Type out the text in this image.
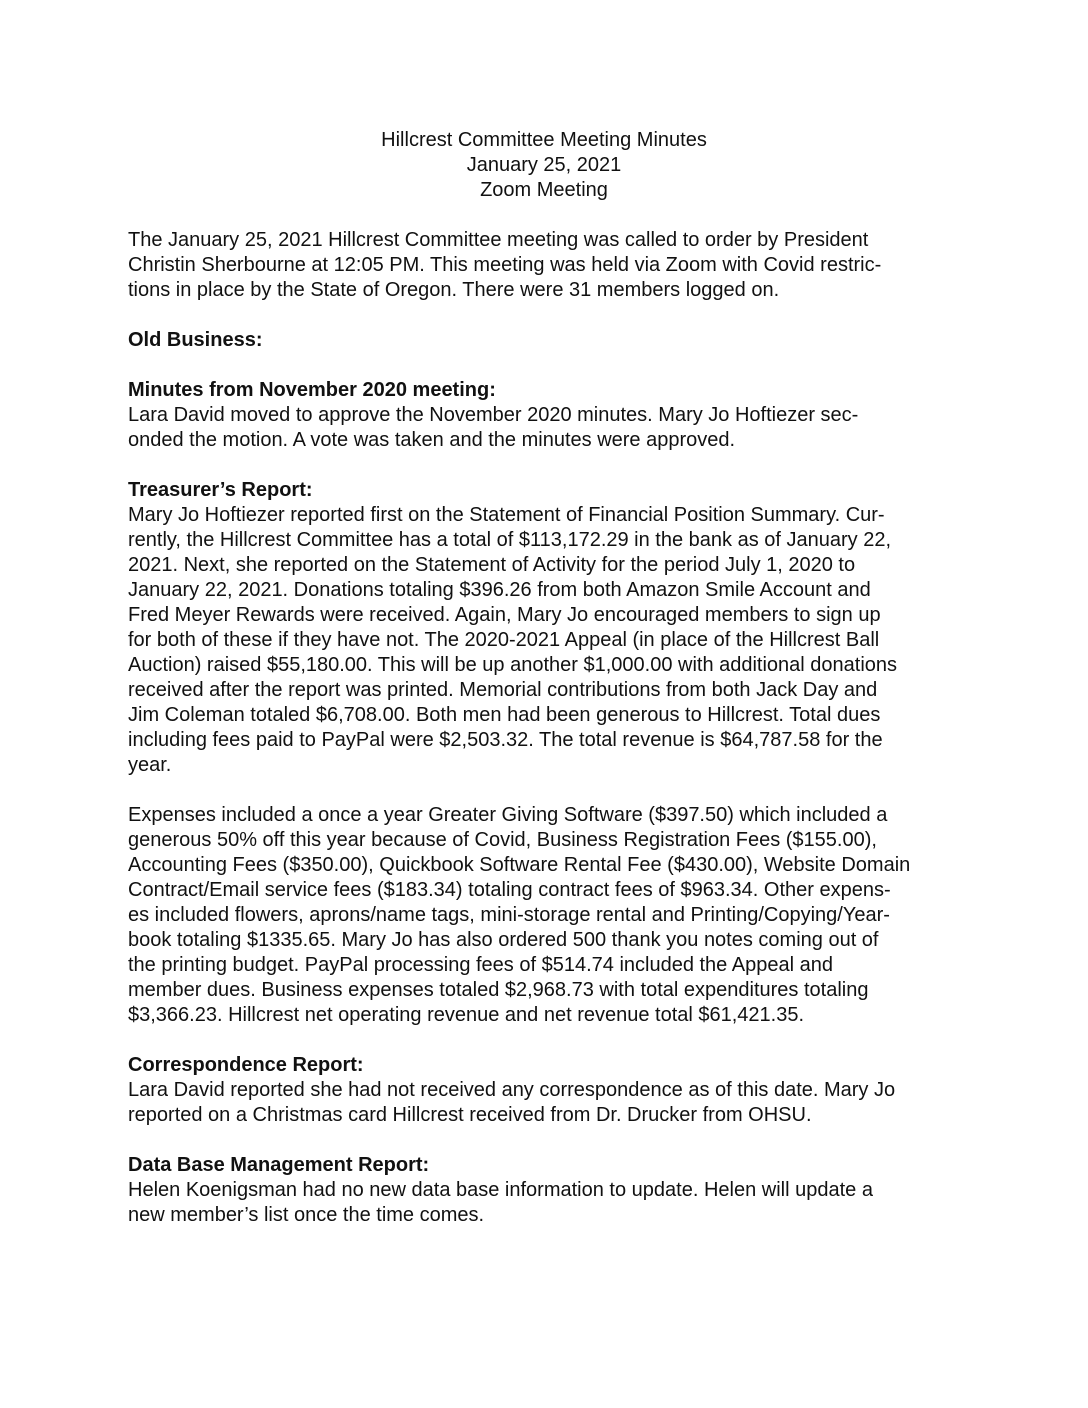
Hillcrest Committee Meeting Minutes
January 25, 2021
Zoom Meeting
The January 25, 2021 Hillcrest Committee meeting was called to order by President
Christin Sherbourne at 12:05 PM. This meeting was held via Zoom with Covid restric-
tions in place by the State of Oregon. There were 31 members logged on.
Old Business:
Minutes from November 2020 meeting:
Lara David moved to approve the November 2020 minutes. Mary Jo Hoftiezer sec-
onded the motion. A vote was taken and the minutes were approved.
Treasurer’s Report:
Mary Jo Hoftiezer reported first on the Statement of Financial Position Summary. Cur-
rently, the Hillcrest Committee has a total of $113,172.29 in the bank as of January 22,
2021. Next, she reported on the Statement of Activity for the period July 1, 2020 to
January 22, 2021. Donations totaling $396.26 from both Amazon Smile Account and
Fred Meyer Rewards were received. Again, Mary Jo encouraged members to sign up
for both of these if they have not. The 2020-2021 Appeal (in place of the Hillcrest Ball
Auction) raised $55,180.00. This will be up another $1,000.00 with additional donations
received after the report was printed. Memorial contributions from both Jack Day and
Jim Coleman totaled $6,708.00. Both men had been generous to Hillcrest. Total dues
including fees paid to PayPal were $2,503.32. The total revenue is $64,787.58 for the
year.
Expenses included a once a year Greater Giving Software ($397.50) which included a
generous 50% off this year because of Covid, Business Registration Fees ($155.00),
Accounting Fees ($350.00), Quickbook Software Rental Fee ($430.00), Website Domain
Contract/Email service fees ($183.34) totaling contract fees of $963.34. Other expens-
es included flowers, aprons/name tags, mini-storage rental and Printing/Copying/Year-
book totaling $1335.65. Mary Jo has also ordered 500 thank you notes coming out of
the printing budget. PayPal processing fees of $514.74 included the Appeal and
member dues. Business expenses totaled $2,968.73 with total expenditures totaling
$3,366.23. Hillcrest net operating revenue and net revenue total $61,421.35.
Correspondence Report:
Lara David reported she had not received any correspondence as of this date. Mary Jo
reported on a Christmas card Hillcrest received from Dr. Drucker from OHSU.
Data Base Management Report:
Helen Koenigsman had no new data base information to update. Helen will update a
new member’s list once the time comes.
